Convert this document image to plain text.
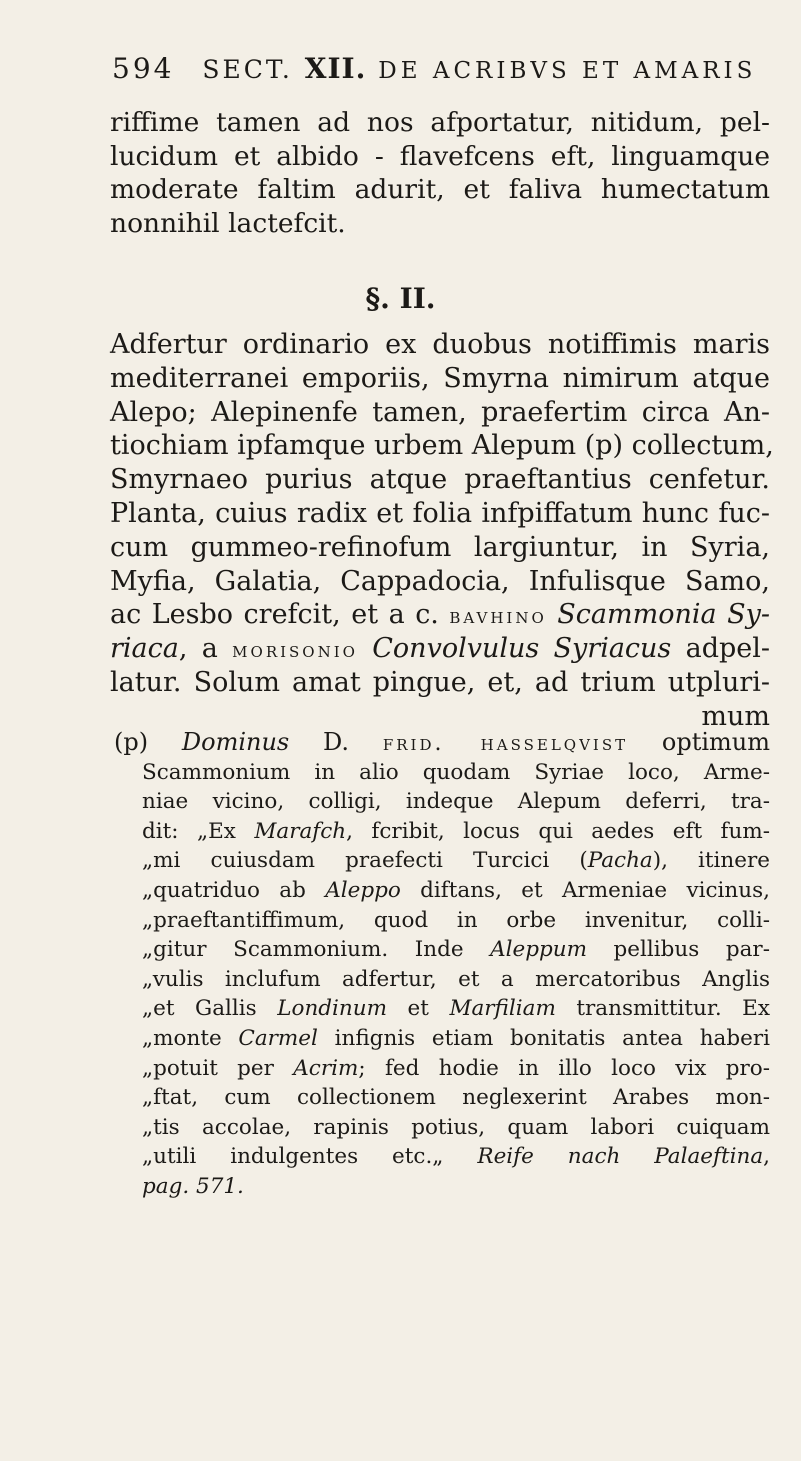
594 SECT. XII. DE ACRIBVS ET AMARIS
riffime tamen ad nos afportatur, nitidum, pel-
lucidum et albido - flavefcens eft, linguamque
moderate faltim adurit, et faliva humectatum
nonnihil lactefcit.
§. II.
Adfertur ordinario ex duobus notiffimis maris
mediterranei emporiis, Smyrna nimirum atque
Alepo; Alepinenfe tamen, praefertim circa An-
tiochiam ipfamque urbem Alepum (p) collectum,
Smyrnaeo purius atque praeftantius cenfetur.
Planta, cuius radix et folia infpiffatum hunc fuc-
cum gummeo-refinofum largiuntur, in Syria,
Myfia, Galatia, Cappadocia, Infulisque Samo,
ac Lesbo crefcit, et a c. bavhino Scammonia Sy-
riaca, a morisonio Convolvulus Syriacus adpel-
latur. Solum amat pingue, et, ad trium utpluri-
mum
(p) Dominus D. frid. hasselqvist optimum
Scammonium in alio quodam Syriae loco, Arme-
niae vicino, colligi, indeque Alepum deferri, tra-
dit: „Ex Marafch, fcribit, locus qui aedes eft fum-
„mi cuiusdam praefecti Turcici (Pacha), itinere
„quatriduo ab Aleppo diftans, et Armeniae vicinus,
„praeftantiffimum, quod in orbe invenitur, colli-
„gitur Scammonium. Inde Aleppum pellibus par-
„vulis inclufum adfertur, et a mercatoribus Anglis
„et Gallis Londinum et Marfiliam transmittitur. Ex
„monte Carmel infignis etiam bonitatis antea haberi
„potuit per Acrim; fed hodie in illo loco vix pro-
„ftat, cum collectionem neglexerint Arabes mon-
„tis accolae, rapinis potius, quam labori cuiquam
„utili indulgentes etc.„ Reife nach Palaeftina,
pag. 571.
